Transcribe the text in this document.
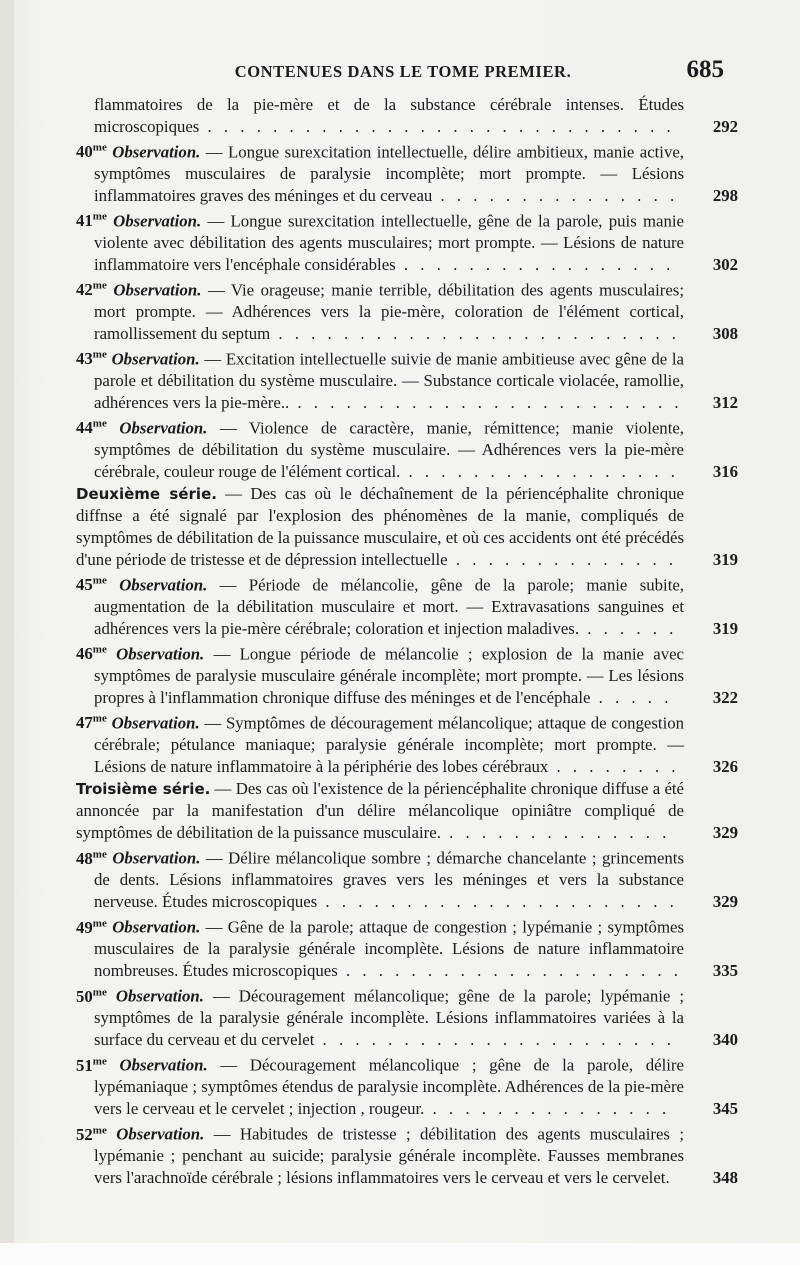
CONTENUES DANS LE TOME PREMIER.	685
flammatoires de la pie-mère et de la substance cérébrale intenses. Études microscopiques . . . . . . . . . . . . . . . . . . . . . . . . . . . . . 292
$40^{me}$ Observation. — Longue surexcitation intellectuelle, délire ambitieux, manie active, symptômes musculaires de paralysie incomplète; mort prompte. — Lésions inflammatoires graves des méninges et du cerveau . . . . . . . . . . . . . . . 298
$41^{me}$ Observation. — Longue surexcitation intellectuelle, gêne de la parole, puis manie violente avec débilitation des agents musculaires; mort prompte. — Lésions de nature inflammatoire vers l'encéphale considérables . . . . . . . . . . . . . . . . . 302
$42^{me}$ Observation. — Vie orageuse; manie terrible, débilitation des agents musculaires; mort prompte. — Adhérences vers la pie-mère, coloration de l'élément cortical, ramollissement du septum . . . . . . . . . . . . . . . . . . . . . . . . . 308
$43^{me}$ Observation. — Excitation intellectuelle suivie de manie ambitieuse avec gêne de la parole et débilitation du système musculaire. — Substance corticale violacée, ramollie, adhérences vers la pie-mère.. . . . . . . . . . . . . . . . . . . . . . . . . 312
$44^{me}$ Observation. — Violence de caractère, manie, rémittence; manie violente, symptômes de débilitation du système musculaire. — Adhérences vers la pie-mère cérébrale, couleur rouge de l'élément cortical. . . . . . . . . . . . . . . . . . 316
Deuxième série. — Des cas où le déchaînement de la périencéphalite chronique diffnse a été signalé par l'explosion des phénomènes de la manie, compliqués de symptômes de débilitation de la puissance musculaire, et où ces accidents ont été précédés d'une période de tristesse et de dépression intellectuelle . . . . . . . . . . . . . . 319
$45^{me}$ Observation. — Période de mélancolie, gêne de la parole; manie subite, augmentation de la débilitation musculaire et mort. — Extravasations sanguines et adhérences vers la pie-mère cérébrale; coloration et injection maladives. . . . . . . 319
$46^{me}$ Observation. — Longue période de mélancolie ; explosion de la manie avec symptômes de paralysie musculaire générale incomplète; mort prompte. — Les lésions propres à l'inflammation chronique diffuse des méninges et de l'encéphale . . . . . 322
$47^{me}$ Observation. — Symptômes de découragement mélancolique; attaque de congestion cérébrale; pétulance maniaque; paralysie générale incomplète; mort prompte. — Lésions de nature inflammatoire à la périphérie des lobes cérébraux . . . . . . . . 326
Troisième série. — Des cas où l'existence de la périencéphalite chronique diffuse a été annoncée par la manifestation d'un délire mélancolique opiniâtre compliqué de symptômes de débilitation de la puissance musculaire. . . . . . . . . . . . . . .	329
$48^{me}$ Observation. — Délire mélancolique sombre ; démarche chancelante ; grincements de dents. Lésions inflammatoires graves vers les méninges et vers la substance nerveuse. Études microscopiques . . . . . . . . . . . . . . . . . . . . . . 329
$49^{me}$ Observation. — Gêne de la parole; attaque de congestion ; lypémanie ; symptômes musculaires de la paralysie générale incomplète. Lésions de nature inflammatoire nombreuses. Études microscopiques . . . . . . . . . . . . . . . . . . . . . 335
$50^{me}$ Observation. — Découragement mélancolique; gêne de la parole; lypémanie ; symptômes de la paralysie générale incomplète. Lésions inflammatoires variées à la surface du cerveau et du cervelet . . . . . . . . . . . . . . . . . . . . . . 340
$51^{me}$ Observation. — Découragement mélancolique ; gêne de la parole, délire lypémaniaque ; symptômes étendus de paralysie incomplète. Adhérences de la pie-mère vers le cerveau et le cervelet ; injection , rougeur. . . . . . . . . . . . . . . .	345
$52^{me}$ Observation. — Habitudes de tristesse ; débilitation des agents musculaires ; lypémanie ; penchant au suicide; paralysie générale incomplète. Fausses membranes vers l'arachnoïde cérébrale ; lésions inflammatoires vers le cerveau et vers le cervelet.	348
